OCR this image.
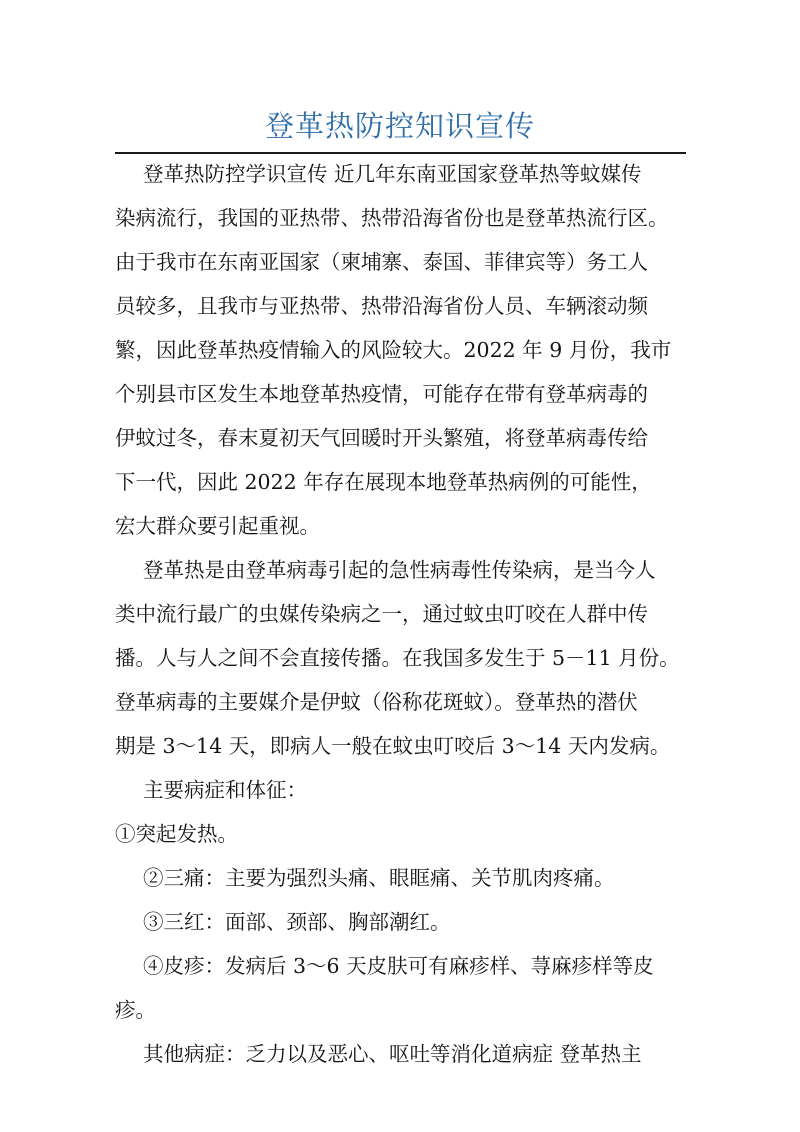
登革热防控知识宣传
登革热防控学识宣传 近几年东南亚国家登革热等蚊媒传
染病流行，我国的亚热带、热带沿海省份也是登革热流行区。
由于我市在东南亚国家（柬埔寨、泰国、菲律宾等）务工人
员较多，且我市与亚热带、热带沿海省份人员、车辆滚动频
繁，因此登革热疫情输入的风险较大。2022 年 9 月份，我市
个别县市区发生本地登革热疫情，可能存在带有登革病毒的
伊蚊过冬，春末夏初天气回暖时开头繁殖，将登革病毒传给
下一代，因此 2022 年存在展现本地登革热病例的可能性，
宏大群众要引起重视。
登革热是由登革病毒引起的急性病毒性传染病，是当今人
类中流行最广的虫媒传染病之一，通过蚊虫叮咬在人群中传
播。人与人之间不会直接传播。在我国多发生于 5－11 月份。
登革病毒的主要媒介是伊蚊（俗称花斑蚊）。登革热的潜伏
期是 3～14 天，即病人一般在蚊虫叮咬后 3～14 天内发病。
主要病症和体征：
①突起发热。
②三痛：主要为强烈头痛、眼眶痛、关节肌肉疼痛。
③三红：面部、颈部、胸部潮红。
④皮疹：发病后 3～6 天皮肤可有麻疹样、荨麻疹样等皮
疹。
其他病症：乏力以及恶心、呕吐等消化道病症 登革热主
